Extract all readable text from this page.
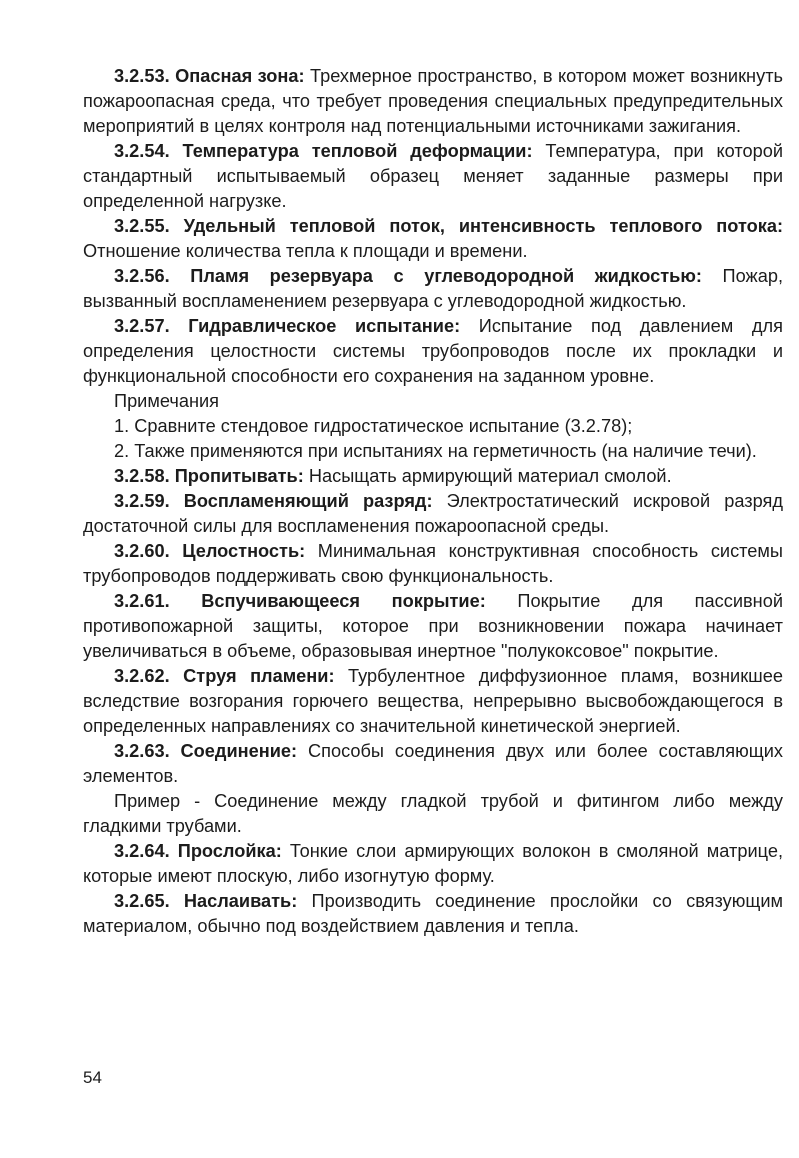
3.2.53. Опасная зона: Трехмерное пространство, в котором может возникнуть пожароопасная среда, что требует проведения специальных предупредительных мероприятий в целях контроля над потенциальными источниками зажигания.

3.2.54. Температура тепловой деформации: Температура, при которой стандартный испытываемый образец меняет заданные размеры при определенной нагрузке.

3.2.55. Удельный тепловой поток, интенсивность теплового потока: Отношение количества тепла к площади и времени.

3.2.56. Пламя резервуара с углеводородной жидкостью: Пожар, вызванный воспламенением резервуара с углеводородной жидкостью.

3.2.57. Гидравлическое испытание: Испытание под давлением для определения целостности системы трубопроводов после их прокладки и функциональной способности его сохранения на заданном уровне.

Примечания

1. Сравните стендовое гидростатическое испытание (3.2.78);

2. Также применяются при испытаниях на герметичность (на наличие течи).

3.2.58. Пропитывать: Насыщать армирующий материал смолой.

3.2.59. Воспламеняющий разряд: Электростатический искровой разряд достаточной силы для воспламенения пожароопасной среды.

3.2.60. Целостность: Минимальная конструктивная способность системы трубопроводов поддерживать свою функциональность.

3.2.61. Вспучивающееся покрытие: Покрытие для пассивной противопожарной защиты, которое при возникновении пожара начинает увеличиваться в объеме, образовывая инертное "полукоксовое" покрытие.

3.2.62. Струя пламени: Турбулентное диффузионное пламя, возникшее вследствие возгорания горючего вещества, непрерывно высвобождающегося в определенных направлениях со значительной кинетической энергией.

3.2.63. Соединение: Способы соединения двух или более составляющих элементов.

Пример - Соединение между гладкой трубой и фитингом либо между гладкими трубами.

3.2.64. Прослойка: Тонкие слои армирующих волокон в смоляной матрице, которые имеют плоскую, либо изогнутую форму.

3.2.65. Наслаивать: Производить соединение прослойки со связующим материалом, обычно под воздействием давления и тепла.

54
